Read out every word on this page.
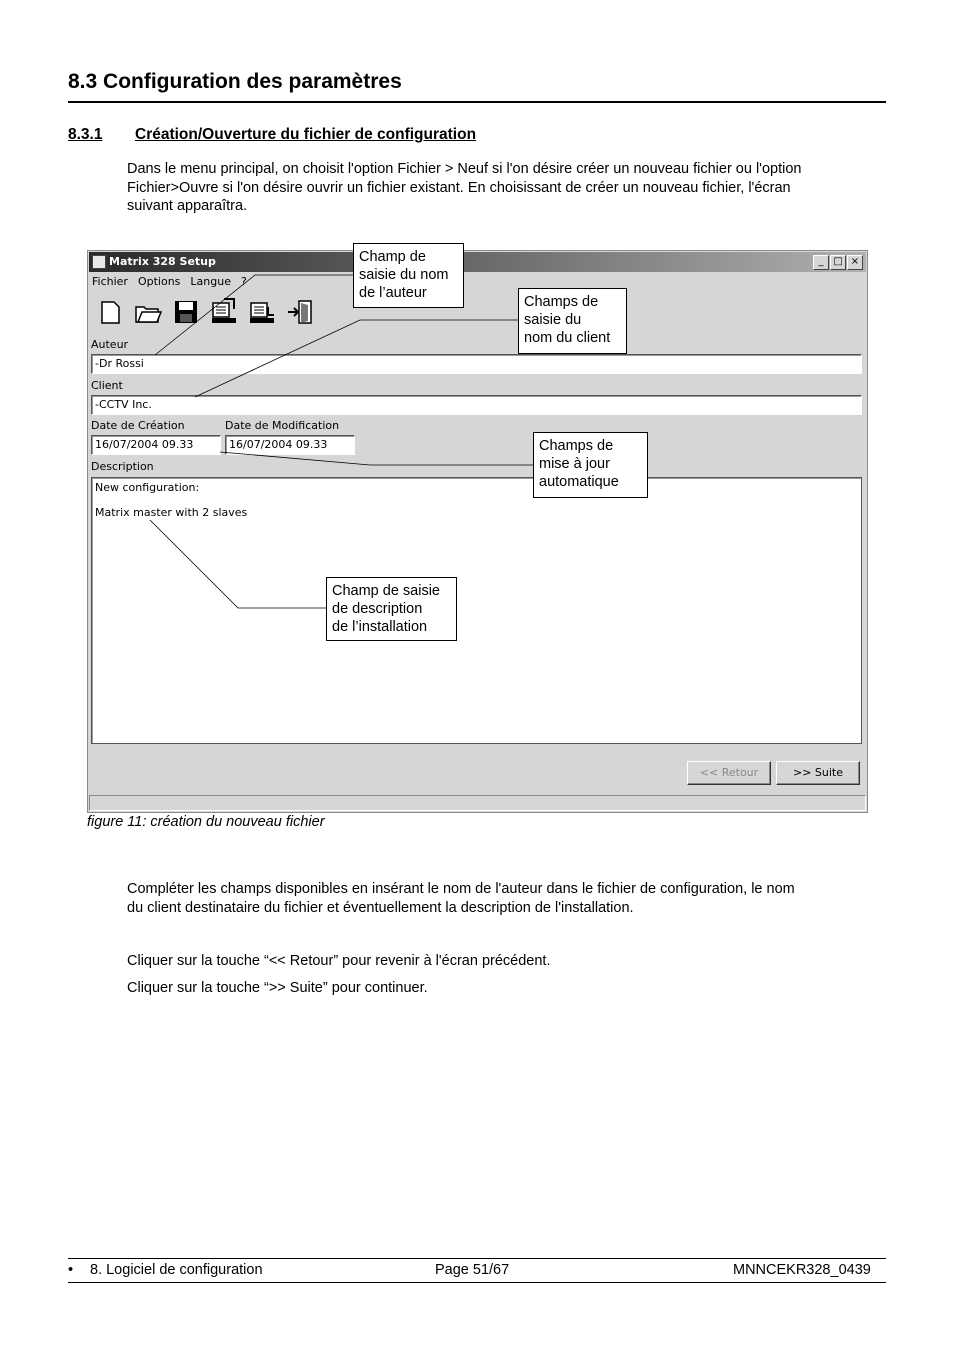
8.3 Configuration des paramètres
8.3.1 Création/Ouverture du fichier de configuration
Dans le menu principal, on choisit l'option Fichier > Neuf si l'on désire créer un nouveau fichier ou l'option
Fichier>Ouvre si l'on désire ouvrir un fichier existant. En choisissant de créer un nouveau fichier, l'écran
suivant apparaîtra.
Matrix 328 Setup	_ □ ×
Fichier Options Langue ?
Auteur
-Dr Rossi
Client
-CCTV Inc.
Date de Création
16/07/2004 09.33
Date de Modification
16/07/2004 09.33
Description
New configuration:
Matrix master with 2 slaves
<< Retour	>> Suite
Champ de
saisie du nom
de l’auteur
Champs de
saisie du
nom du client
Champs de
mise à jour
automatique
Champ de saisie
de description
de l’installation
figure 11: création du nouveau fichier
Compléter les champs disponibles en insérant le nom de l'auteur dans le fichier de configuration, le nom
du client destinataire du fichier et éventuellement la description de l'installation.
Cliquer sur la touche “<< Retour” pour revenir à l'écran précédent.
Cliquer sur la touche “>> Suite” pour continuer.
• 8. Logiciel de configuration	Page 51/67	MNNCEKR328_0439
